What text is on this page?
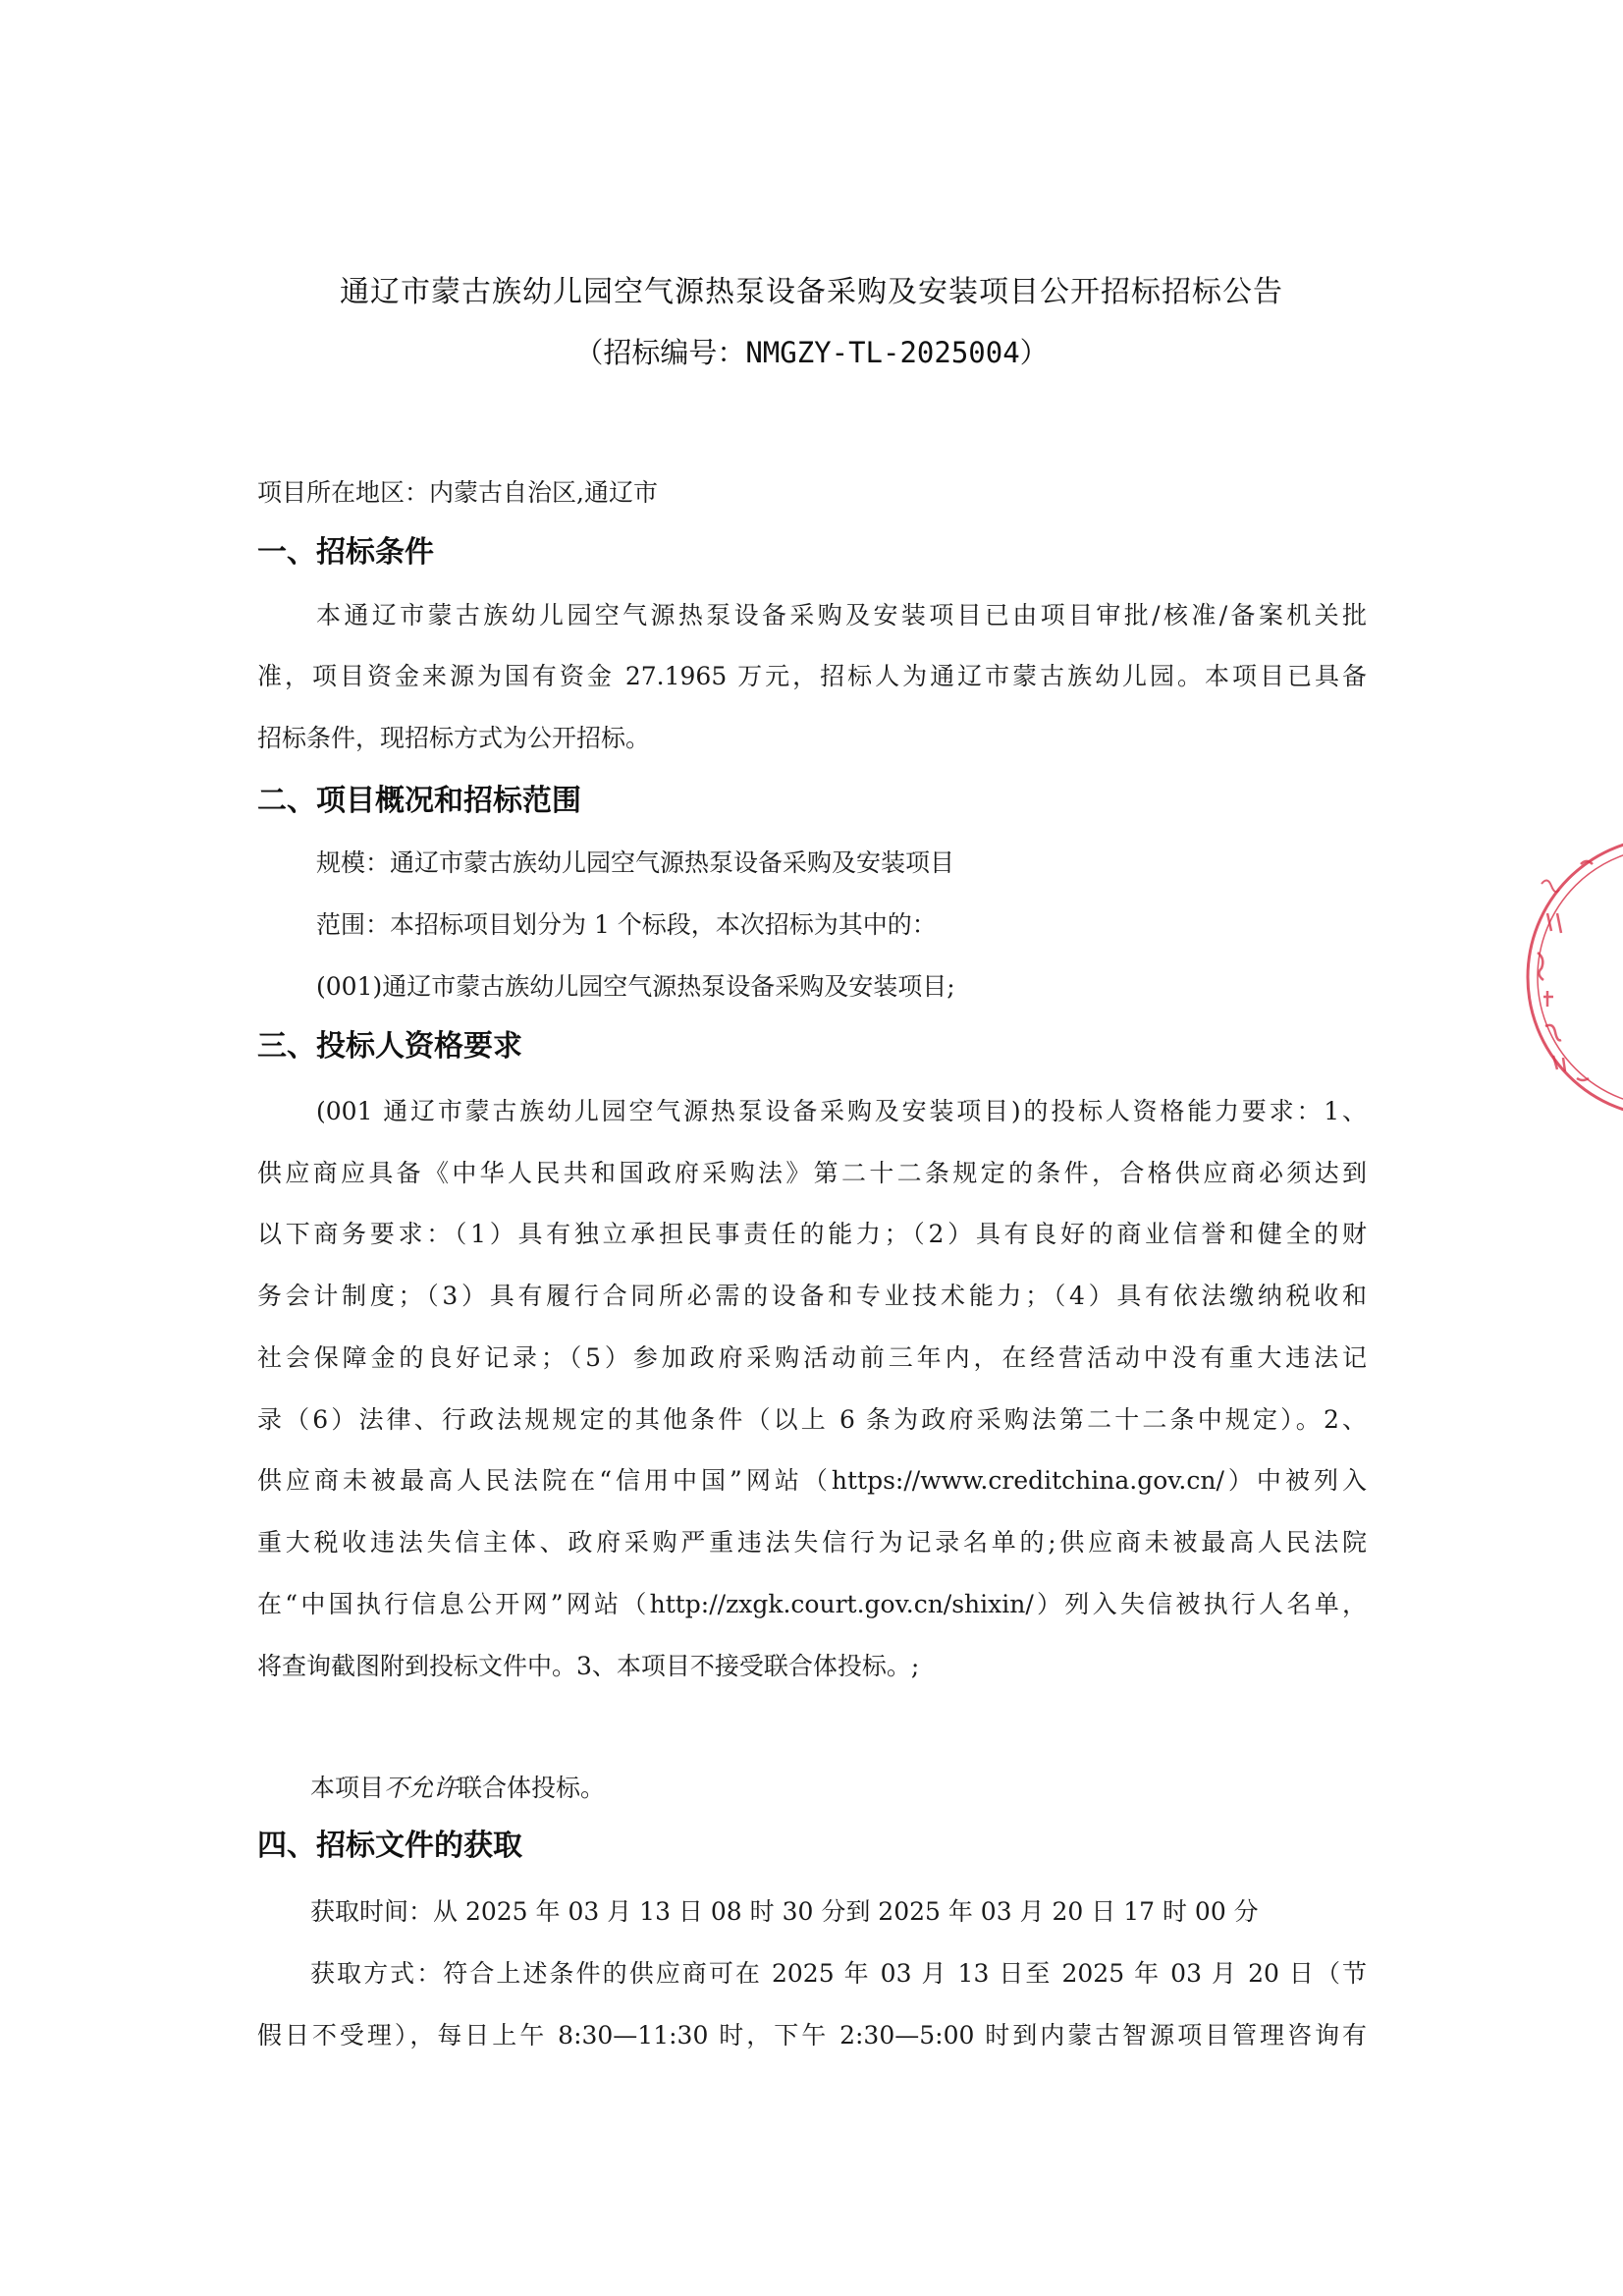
通辽市蒙古族幼儿园空气源热泵设备采购及安装项目公开招标招标公告
（招标编号：NMGZY-TL-2025004）
项目所在地区：内蒙古自治区,通辽市
一、招标条件
本通辽市蒙古族幼儿园空气源热泵设备采购及安装项目已由项目审批/核准/备案机关批
准，项目资金来源为国有资金 27.1965 万元，招标人为通辽市蒙古族幼儿园。本项目已具备
招标条件，现招标方式为公开招标。
二、项目概况和招标范围
规模：通辽市蒙古族幼儿园空气源热泵设备采购及安装项目
范围：本招标项目划分为 1 个标段，本次招标为其中的：
(001)通辽市蒙古族幼儿园空气源热泵设备采购及安装项目;
三、投标人资格要求
(001 通辽市蒙古族幼儿园空气源热泵设备采购及安装项目)的投标人资格能力要求：1、
供应商应具备《中华人民共和国政府采购法》第二十二条规定的条件，合格供应商必须达到
以下商务要求：（1）具有独立承担民事责任的能力；（2）具有良好的商业信誉和健全的财
务会计制度；（3）具有履行合同所必需的设备和专业技术能力；（4）具有依法缴纳税收和
社会保障金的良好记录；（5）参加政府采购活动前三年内，在经营活动中没有重大违法记
录（6）法律、行政法规规定的其他条件（以上 6 条为政府采购法第二十二条中规定）。2、
供应商未被最高人民法院在“信用中国”网站（https://www.creditchina.gov.cn/）中被列入
重大税收违法失信主体、政府采购严重违法失信行为记录名单的;供应商未被最高人民法院
在“中国执行信息公开网”网站（http://zxgk.court.gov.cn/shixin/）列入失信被执行人名单，
将查询截图附到投标文件中。3、本项目不接受联合体投标。;
本项目不允许联合体投标。
四、招标文件的获取
获取时间：从 2025 年 03 月 13 日 08 时 30 分到 2025 年 03 月 20 日 17 时 00 分
获取方式：符合上述条件的供应商可在 2025 年 03 月 13 日至 2025 年 03 月 20 日（节
假日不受理），每日上午 8:30—11:30 时，下午 2:30—5:00 时到内蒙古智源项目管理咨询有
